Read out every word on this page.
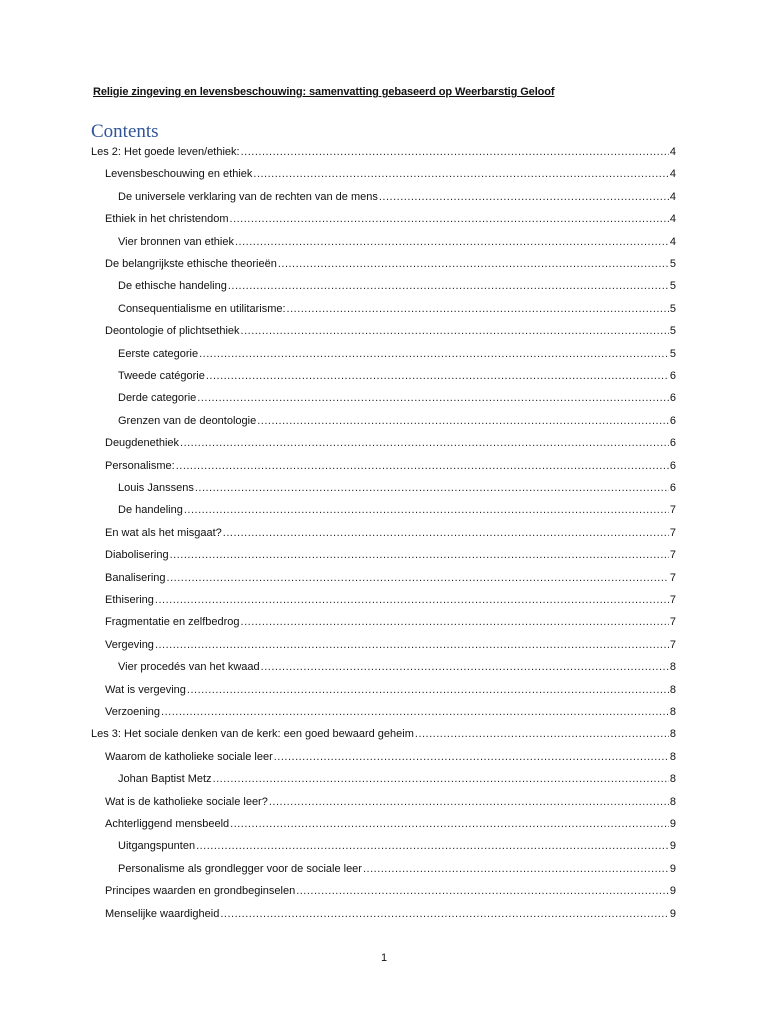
Religie zingeving en levensbeschouwing: samenvatting gebaseerd op Weerbarstig Geloof
Contents
Les 2: Het goede leven/ethiek: .....	4
Levensbeschouwing en ethiek .....	4
De universele verklaring van de rechten van de mens .....	4
Ethiek in het christendom .....	4
Vier bronnen van ethiek .....	4
De belangrijkste ethische theorieën .....	5
De ethische handeling .....	5
Consequentialisme en utilitarisme: .....	5
Deontologie of plichtsethiek .....	5
Eerste categorie .....	5
Tweede catégorie .....	6
Derde categorie .....	6
Grenzen van de deontologie .....	6
Deugdenethiek .....	6
Personalisme: .....	6
Louis Janssens .....	6
De handeling .....	7
En wat als het misgaat? .....	7
Diabolisering .....	7
Banalisering .....	7
Ethisering .....	7
Fragmentatie en zelfbedrog .....	7
Vergeving .....	7
Vier procedés van het kwaad .....	8
Wat is vergeving .....	8
Verzoening .....	8
Les 3: Het sociale denken van de kerk: een goed bewaard geheim .....	8
Waarom de katholieke sociale leer .....	8
Johan Baptist Metz .....	8
Wat is de katholieke sociale leer? .....	8
Achterliggend mensbeeld .....	9
Uitgangspunten .....	9
Personalisme als grondlegger voor de sociale leer .....	9
Principes waarden en grondbeginselen .....	9
Menselijke waardigheid .....	9
1
